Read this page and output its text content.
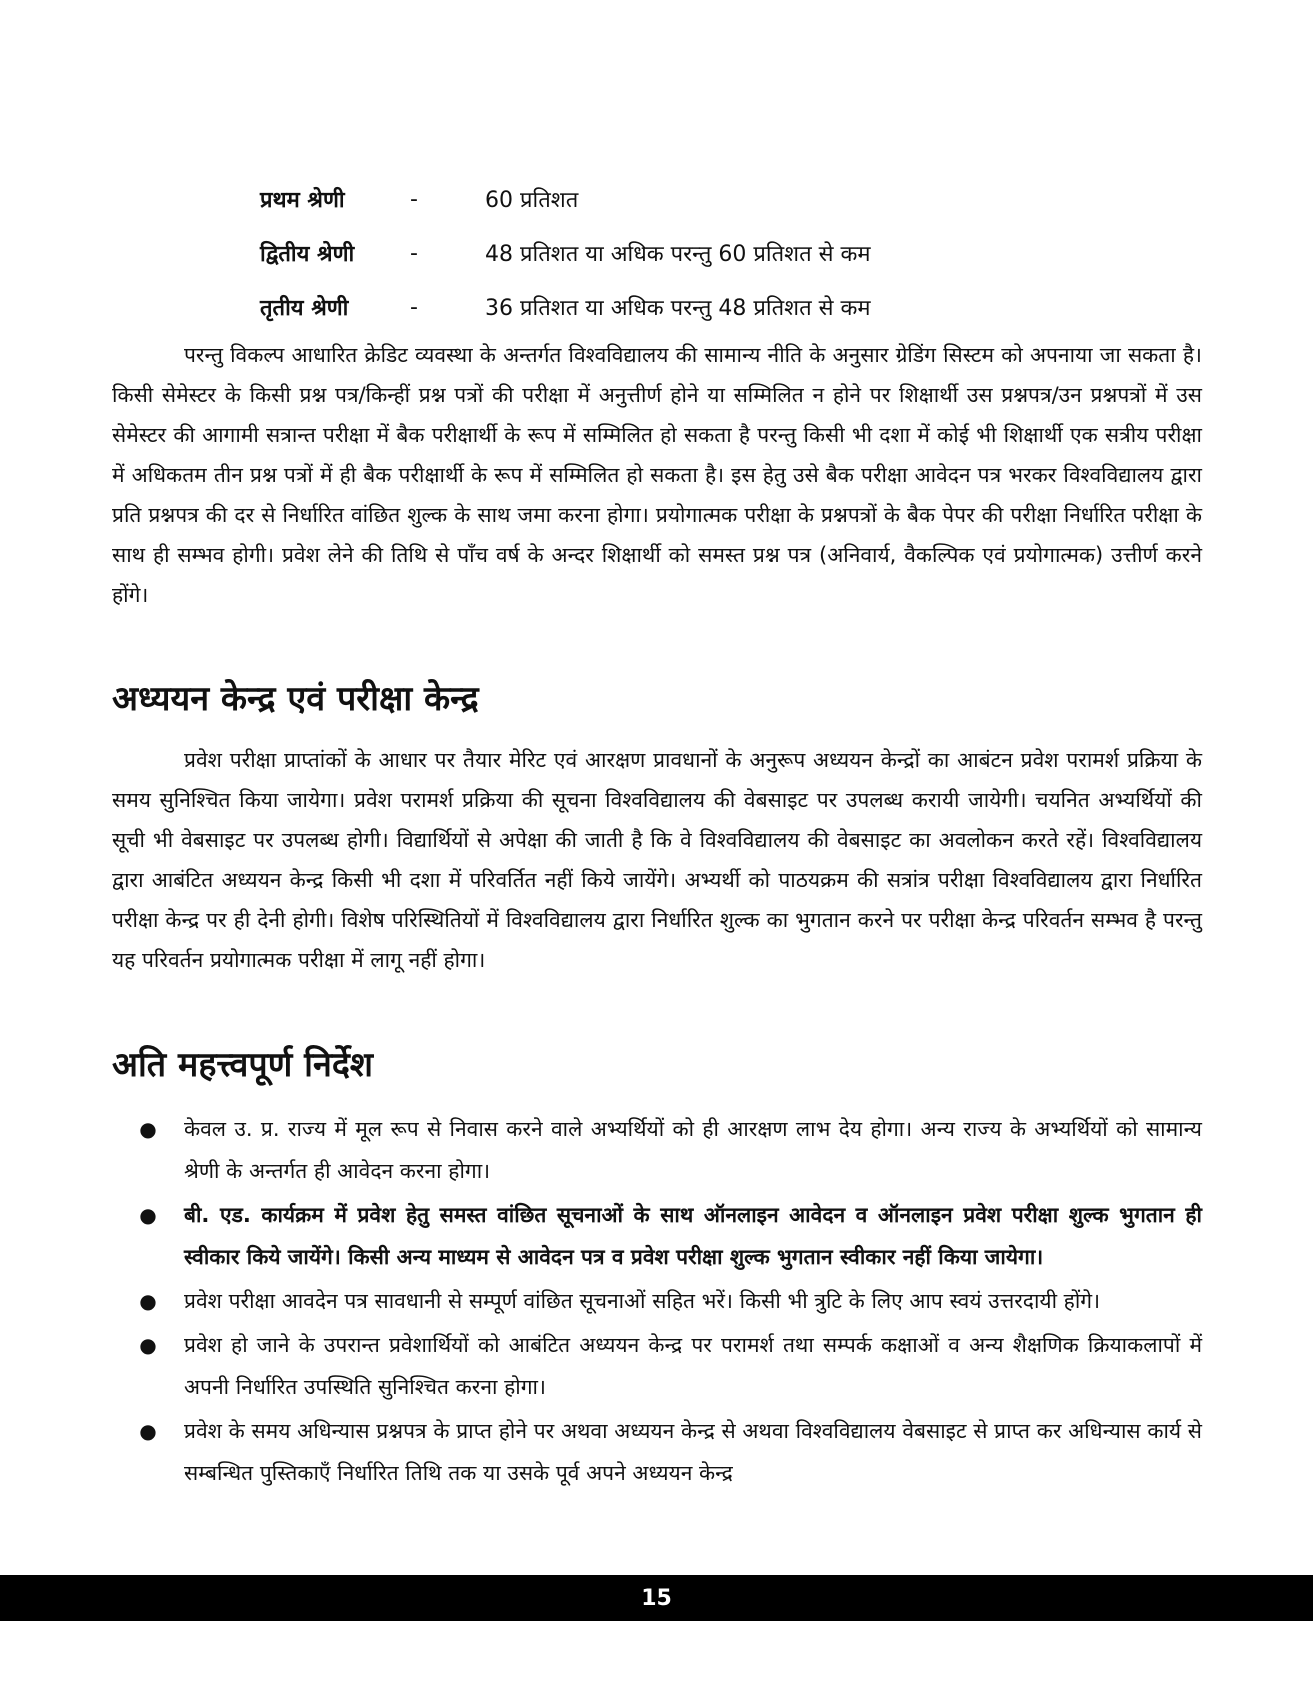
प्रथम श्रेणी	-	60 प्रतिशत
द्वितीय श्रेणी	-	48 प्रतिशत या अधिक परन्तु 60 प्रतिशत से कम
तृतीय श्रेणी	-	36 प्रतिशत या अधिक परन्तु 48 प्रतिशत से कम

परन्तु विकल्प आधारित क्रेडिट व्यवस्था के अन्तर्गत विश्वविद्यालय की सामान्य नीति के अनुसार ग्रेडिंग सिस्टम को अपनाया जा सकता है। किसी सेमेस्टर के किसी प्रश्न पत्र/किन्हीं प्रश्न पत्रों की परीक्षा में अनुत्तीर्ण होने या सम्मिलित न होने पर शिक्षार्थी उस प्रश्नपत्र/उन प्रश्नपत्रों में उस सेमेस्टर की आगामी सत्रान्त परीक्षा में बैक परीक्षार्थी के रूप में सम्मिलित हो सकता है परन्तु किसी भी दशा में कोई भी शिक्षार्थी एक सत्रीय परीक्षा में अधिकतम तीन प्रश्न पत्रों में ही बैक परीक्षार्थी के रूप में सम्मिलित हो सकता है। इस हेतु उसे बैक परीक्षा आवेदन पत्र भरकर विश्वविद्यालय द्वारा प्रति प्रश्नपत्र की दर से निर्धारित वांछित शुल्क के साथ जमा करना होगा। प्रयोगात्मक परीक्षा के प्रश्नपत्रों के बैक पेपर की परीक्षा निर्धारित परीक्षा के साथ ही सम्भव होगी। प्रवेश लेने की तिथि से पाँच वर्ष के अन्दर शिक्षार्थी को समस्त प्रश्न पत्र (अनिवार्य, वैकल्पिक एवं प्रयोगात्मक) उत्तीर्ण करने होंगे।

अध्ययन केन्द्र एवं परीक्षा केन्द्र

प्रवेश परीक्षा प्राप्तांकों के आधार पर तैयार मेरिट एवं आरक्षण प्रावधानों के अनुरूप अध्ययन केन्द्रों का आबंटन प्रवेश परामर्श प्रक्रिया के समय सुनिश्चित किया जायेगा। प्रवेश परामर्श प्रक्रिया की सूचना विश्वविद्यालय की वेबसाइट पर उपलब्ध करायी जायेगी। चयनित अभ्यर्थियों की सूची भी वेबसाइट पर उपलब्ध होगी। विद्यार्थियों से अपेक्षा की जाती है कि वे विश्वविद्यालय की वेबसाइट का अवलोकन करते रहें। विश्वविद्यालय द्वारा आबंटित अध्ययन केन्द्र किसी भी दशा में परिवर्तित नहीं किये जायेंगे। अभ्यर्थी को पाठयक्रम की सत्रांत्र परीक्षा विश्वविद्यालय द्वारा निर्धारित परीक्षा केन्द्र पर ही देनी होगी। विशेष परिस्थितियों में विश्वविद्यालय द्वारा निर्धारित शुल्क का भुगतान करने पर परीक्षा केन्द्र परिवर्तन सम्भव है परन्तु यह परिवर्तन प्रयोगात्मक परीक्षा में लागू नहीं होगा।

अति महत्त्वपूर्ण निर्देश
●	केवल उ. प्र. राज्य में मूल रूप से निवास करने वाले अभ्यर्थियों को ही आरक्षण लाभ देय होगा। अन्य राज्य के अभ्यर्थियों को सामान्य श्रेणी के अन्तर्गत ही आवेदन करना होगा।
●	बी. एड. कार्यक्रम में प्रवेश हेतु समस्त वांछित सूचनाओं के साथ ऑनलाइन आवेदन व ऑनलाइन प्रवेश परीक्षा शुल्क भुगतान ही स्वीकार किये जायेंगे। किसी अन्य माध्यम से आवेदन पत्र व प्रवेश परीक्षा शुल्क भुगतान स्वीकार नहीं किया जायेगा।
●	प्रवेश परीक्षा आवदेन पत्र सावधानी से सम्पूर्ण वांछित सूचनाओं सहित भरें। किसी भी त्रुटि के लिए आप स्वयं उत्तरदायी होंगे।
●	प्रवेश हो जाने के उपरान्त प्रवेशार्थियों को आबंटित अध्ययन केन्द्र पर परामर्श तथा सम्पर्क कक्षाओं व अन्य शैक्षणिक क्रियाकलापों में अपनी निर्धारित उपस्थिति सुनिश्चित करना होगा।
●	प्रवेश के समय अधिन्यास प्रश्नपत्र के प्राप्त होने पर अथवा अध्ययन केन्द्र से अथवा विश्वविद्यालय वेबसाइट से प्राप्त कर अधिन्यास कार्य से सम्बन्धित पुस्तिकाएँ निर्धारित तिथि तक या उसके पूर्व अपने अध्ययन केन्द्र
15
